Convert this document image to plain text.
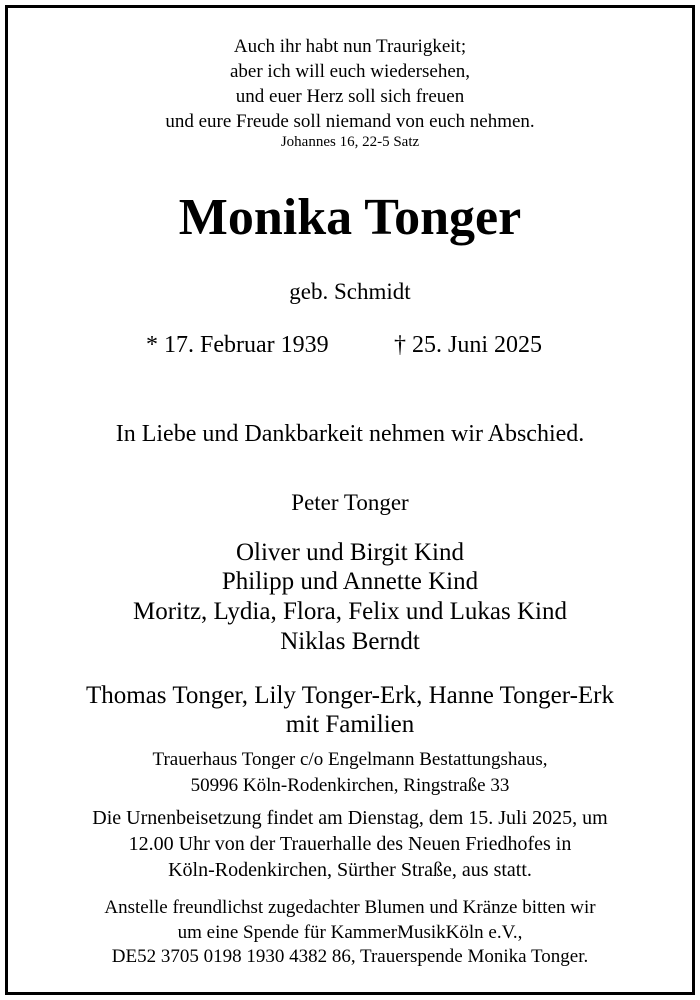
Auch ihr habt nun Traurigkeit;
aber ich will euch wiedersehen,
und euer Herz soll sich freuen
und eure Freude soll niemand von euch nehmen.
Johannes 16, 22-5 Satz
Monika Tonger
geb. Schmidt
* 17. Februar 1939	† 25. Juni 2025
In Liebe und Dankbarkeit nehmen wir Abschied.
Peter Tonger
Oliver und Birgit Kind
Philipp und Annette Kind
Moritz, Lydia, Flora, Felix und Lukas Kind
Niklas Berndt
Thomas Tonger, Lily Tonger-Erk, Hanne Tonger-Erk
mit Familien
Trauerhaus Tonger c/o Engelmann Bestattungshaus,
50996 Köln-Rodenkirchen, Ringstraße 33
Die Urnenbeisetzung findet am Dienstag, dem 15. Juli 2025, um
12.00 Uhr von der Trauerhalle des Neuen Friedhofes in
Köln-Rodenkirchen, Sürther Straße, aus statt.
Anstelle freundlichst zugedachter Blumen und Kränze bitten wir
um eine Spende für KammerMusikKöln e.V.,
DE52 3705 0198 1930 4382 86, Trauerspende Monika Tonger.
